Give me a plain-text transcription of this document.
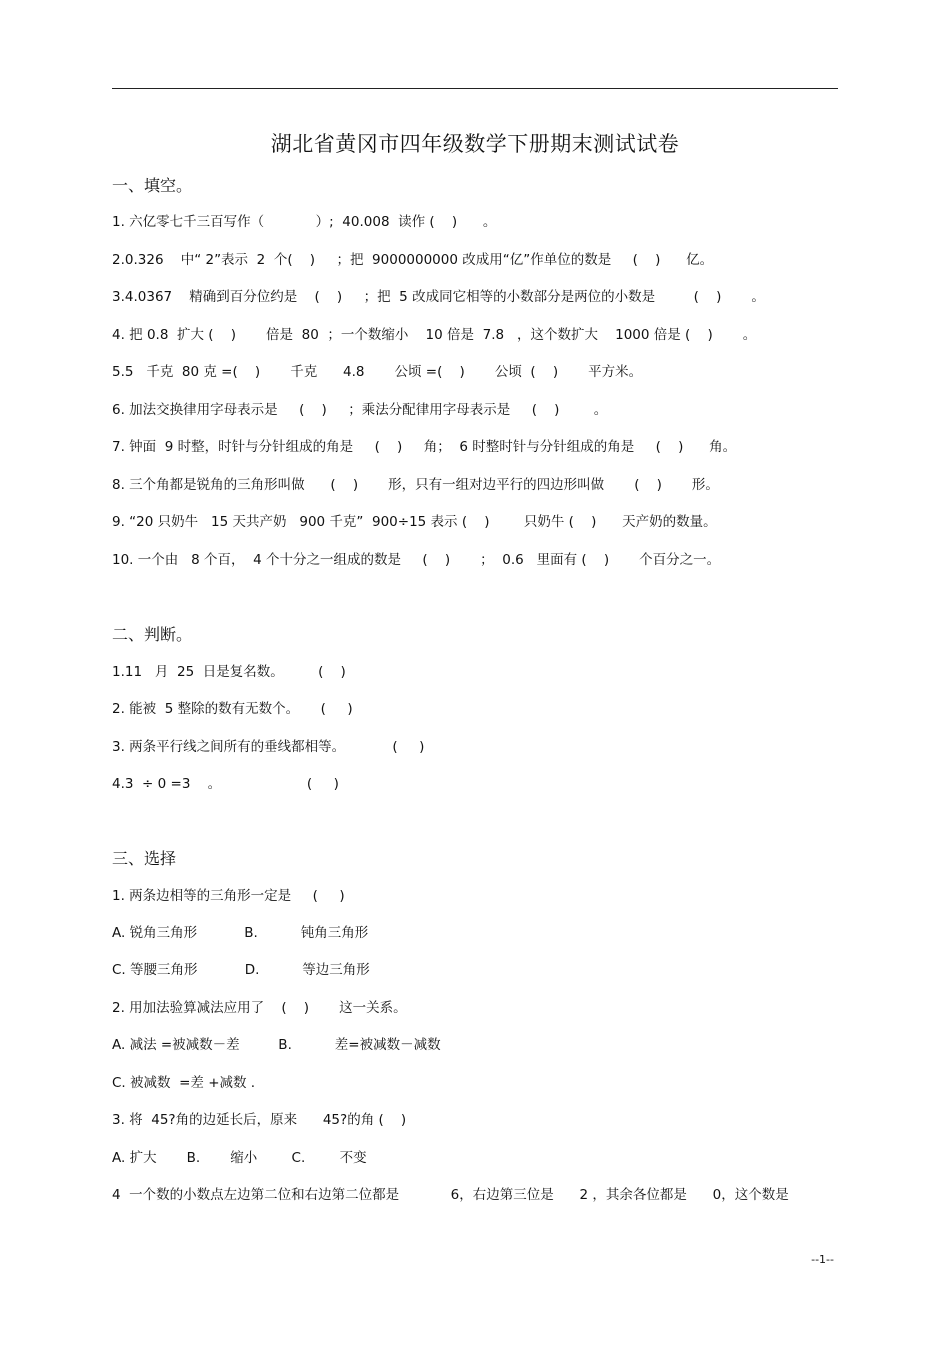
湖北省黄冈市四年级数学下册期末测试试卷
一、填空。
1. 六亿零七千三百写作（            ）;  40.008  读作 (    )      。
2.0.326    中“ 2”表示  2  个(    )     ；把  9000000000 改成用“亿”作单位的数是     (    )      亿。
3.4.0367    精确到百分位约是    (    )     ；把  5 改成同它相等的小数部分是两位的小数是         (    )       。
4. 把 0.8  扩大 (    )       倍是  80  ；一个数缩小    10 倍是  7.8   ，这个数扩大    1000 倍是 (    )       。
5.5   千克  80 克 =(    )       千克      4.8       公顷 =(    )       公顷  (    )       平方米。
6. 加法交换律用字母表示是     (    )     ；乘法分配律用字母表示是     (    )        。
7. 钟面  9 时整，时针与分针组成的角是     (    )     角；  6 时整时针与分针组成的角是     (    )      角。
8. 三个角都是锐角的三角形叫做      (    )       形，只有一组对边平行的四边形叫做       (    )       形。
9. “20 只奶牛   15 天共产奶   900 千克”  900÷15 表示 (    )        只奶牛 (    )      天产奶的数量。
10. 一个由   8 个百，  4 个十分之一组成的数是     (    )       ；  0.6   里面有 (    )       个百分之一。
二、判断。
1.11   月  25  日是复名数。        (    )
2. 能被  5 整除的数有无数个。     (     )
3. 两条平行线之间所有的垂线都相等。           (     )
4.3  ÷ 0 =3    。                    (     )
三、选择
1. 两条边相等的三角形一定是     (     )
A. 锐角三角形           B.          钝角三角形
C. 等腰三角形           D.          等边三角形
2. 用加法验算减法应用了    (    )       这一关系。
A. 减法 =被减数－差         B.          差=被减数－减数
C. 被减数  =差 +减数 .
3. 将  45?角的边延长后，原来      45?的角 (    )
A. 扩大       B.       缩小        C.        不变
4  一个数的小数点左边第二位和右边第二位都是            6，右边第三位是      2 ，其余各位都是      0，这个数是
--1--
